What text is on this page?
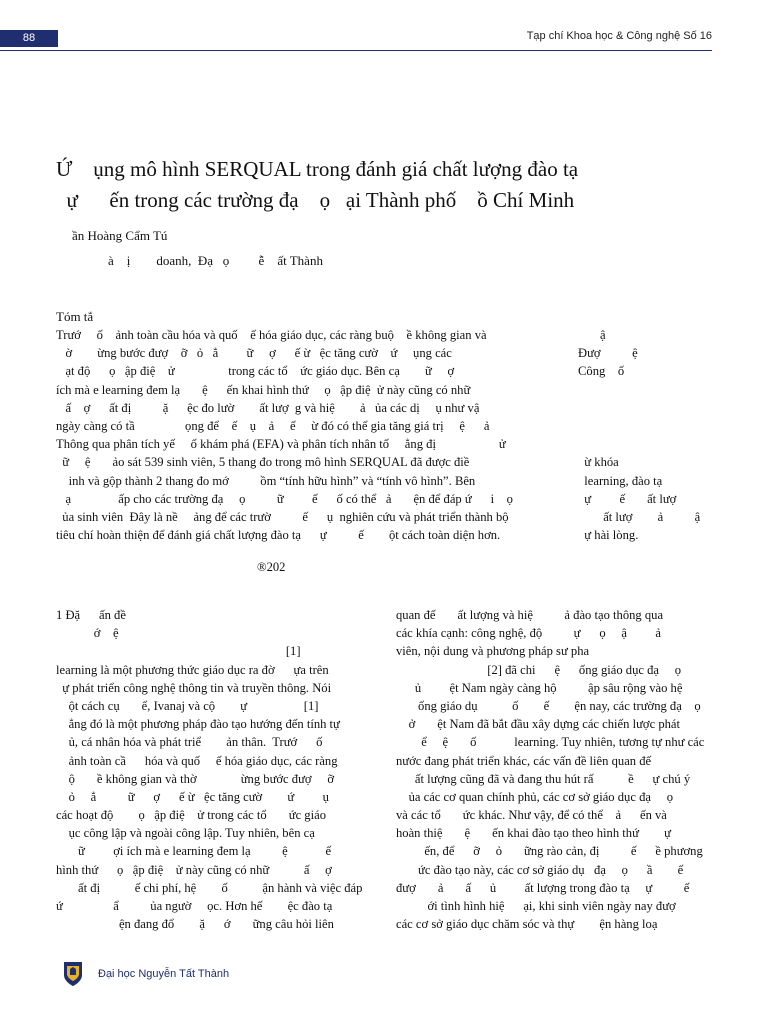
88	Tạp chí Khoa học & Công nghệ Số 16
Ứ    ụng mô hình SERQUAL trong đánh giá chất lượng đào tạ
ự      ến trong các trường đạ    ọ   ại Thành phố    ồ Chí Minh
ần Hoàng Cẩm Tú
à    ị        doanh,  Đạ   ọ         ễ    ất Thành
Tóm tắ

Trướ     ố    ảnh toàn cầu hóa và quố    ế hóa giáo dục, các ràng buộ    ề không gian và

ờ        ừng bước đượ    ỡ   ỏ   ẳ         ữ     ợ      ế ừ   ệc tăng cườ    ứ     ụng các

ạt độ      ọ   ập điệ    ử                 trong các tổ    ức giáo dục. Bên cạ        ữ     ợ

ích mà e learning đem lạ       ệ      ến khai hình thứ     ọ   ập điệ  ử này cũng có nhữ

ấ    ợ      ất đị          ặ      ệc đo lườ        ất lượ  g và hiệ        ả   ủa các dị     ụ như vậ

ngày càng có tầ                ọng để    ế    ụ    ả     ế     ừ đó có thể gia tăng giá trị     ệ      ả

Thông qua phân tích yế     ố khám phá (EFA) và phân tích nhân tố     ẳng đị                    ử

ữ     ệ       ảo sát 539 sinh viên, 5 thang đo trong mô hình SERQUAL đã được điề

inh và gộp thành 2 thang đo mớ          ồm “tính hữu hình” và “tính vô hình”. Bên

ạ               ấp cho các trường đạ     ọ          ữ         ế      ố có thể   ả       ện để đáp ứ      i    ọ

ủa sinh viên  Đây là nề     ảng để các trườ          ế      ụ  nghiên cứu và phát triển thành bộ

tiêu chí hoàn thiện để đánh giá chất lượng đào tạ      ự          ế        ột cách toàn diện hơn.

ậ
Đượ          ệ
Công    ố
ừ khóa
learning, đào tạ
ự         ế       ất lượ
ất lượ        ả          ậ
ự hài lòng.
®202
1 Đặ      ấn đề
ớ    ệ
[1]
learning là một phương thức giáo dục ra đờ      ựa trên
ự phát triển công nghệ thông tin và truyền thông. Nói
ột cách cụ       ể, Ivanaj và cộ        ự                  [1]
ẳng đó là một phương pháp đào tạo hướng đến tính tự
ủ, cá nhân hóa và phát triể        ản thân.  Trướ      ố
ảnh toàn cầ      hóa và quố     ế hóa giáo dục, các ràng
ộ       ề không gian và thờ              ừng bước đượ     ỡ
ỏ     ẳ          ữ      ợ      ế ừ   ệc tăng cườ        ứ         ụ
các hoạt độ        ọ   ập điệ    ử trong các tổ       ức giáo
ục công lập và ngoài công lập. Tuy nhiên, bên cạ
ữ         ợi ích mà e learning đem lạ          ệ            ế
hình thứ      ọ   ập điệ    ử này cũng có nhữ           ấ     ợ
ất đị           ế chi phí, hệ        ố           ận hành và việc đáp
ứ                ẩ          ủa ngườ     ọc. Hơn hế        ệc đào tạ
ện đang đổ        ặ      ớ       ững câu hỏi liên
quan đế       ất lượng và hiệ          ả đào tạo thông qua
các khía cạnh: công nghệ, độ          ự      ọ     ậ         ả
viên, nội dung và phương pháp sư pha
[2] đã chi      ệ      ống giáo dục đạ     ọ
ủ         ệt Nam ngày càng hộ          ập sâu rộng vào hệ
ống giáo dụ           ố        ế        ện nay, các trường đạ    ọ
ở       ệt Nam đã bắt đầu xây dựng các chiến lược phát
ể     ệ       ố            learning. Tuy nhiên, tương tự như các
nước đang phát triển khác, các vấn đề liên quan đế
ất lượng cũng đã và đang thu hút rấ           ề      ự chú ý
ủa các cơ quan chính phủ, các cơ sở giáo dục đạ     ọ
và các tổ       ức khác. Như vậy, để có thể    ả      ến và
hoàn thiệ       ệ       ến khai đào tạo theo hình thứ        ự
ến, để      ỡ     ỏ       ững rào cản, đị          ế      ề phương
ức đào tạo này, các cơ sở giáo dụ   đạ     ọ      ầ        ế
đượ       ả       ấ      ủ         ất lượng trong đào tạ     ự          ế
ới tình hình hiệ      ại, khi sinh viên ngày nay đượ
các cơ sở giáo dục chăm sóc và thự        ện hàng loạ
Đại học Nguyễn Tất Thành
